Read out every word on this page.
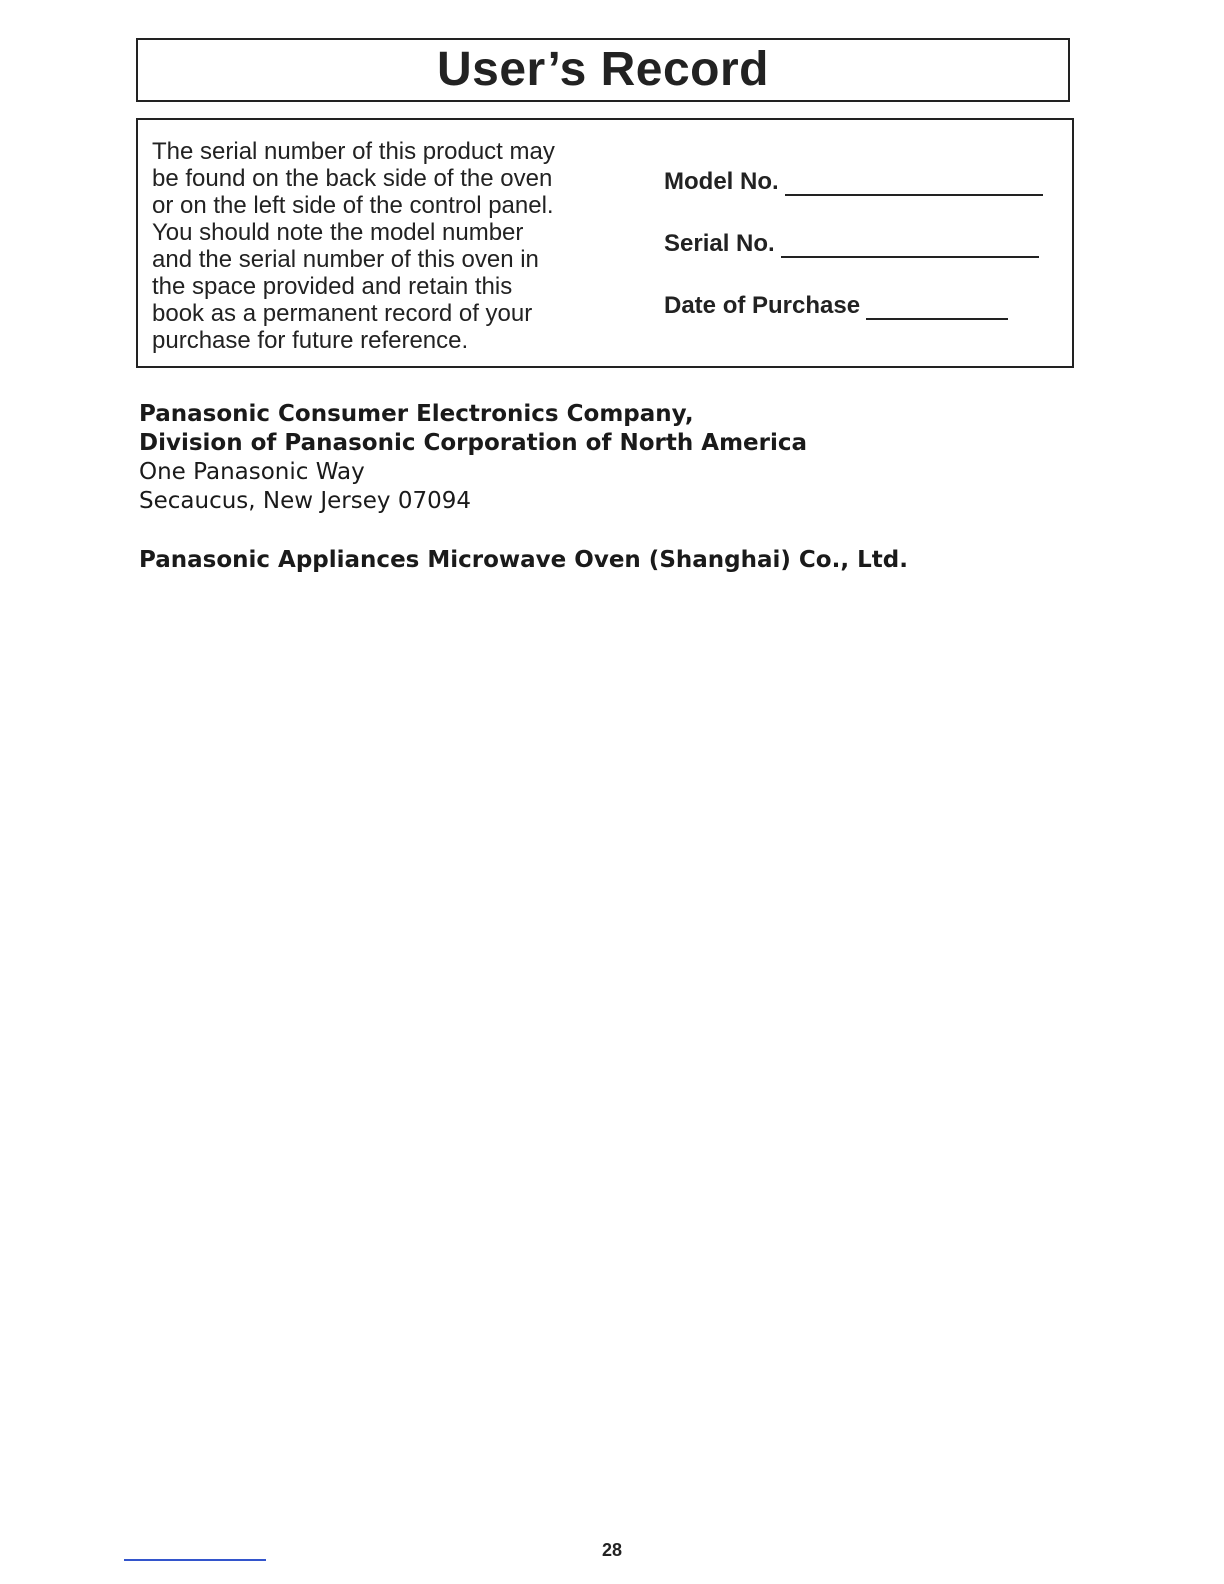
User’s Record
The serial number of this product may
be found on the back side of the oven
or on the left side of the control panel.
You should note the model number
and the serial number of this oven in
the space provided and retain this
book as a permanent record of your
purchase for future reference.
Model No.
Serial No.
Date of Purchase
Panasonic Consumer Electronics Company,
Division of Panasonic Corporation of North America
One Panasonic Way
Secaucus, New Jersey 07094
Panasonic Appliances Microwave Oven (Shanghai) Co., Ltd.
28
